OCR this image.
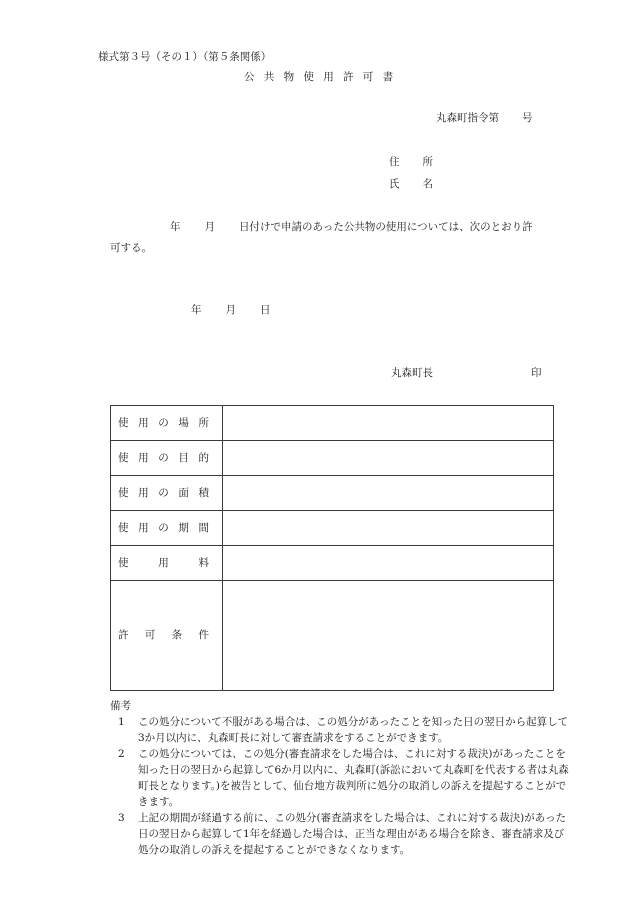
様式第３号（その１）（第５条関係）
公共物使用許可書
丸森町指令第 号
住所
氏名
年 月 日付けで申請のあった公共物の使用については、次のとおり許
可する。
年 月 日
丸森町長	印
使 用 の 場 所	

使 用 の 目 的	

使 用 の 面 積	

使 用 の 期 間	

使 用 料	

許 可 条 件	

備考
1	この処分について不服がある場合は、この処分があったことを知った日の翌日から起算して3か月以内に、丸森町長に対して審査請求をすることができます。
2	この処分については、この処分(審査請求をした場合は、これに対する裁決)があったことを知った日の翌日から起算して6か月以内に、丸森町(訴訟において丸森町を代表する者は丸森町長となります。)を被告として、仙台地方裁判所に処分の取消しの訴えを提起することができます。
3	上記の期間が経過する前に、この処分(審査請求をした場合は、これに対する裁決)があった日の翌日から起算して1年を経過した場合は、正当な理由がある場合を除き、審査請求及び処分の取消しの訴えを提起することができなくなります。
